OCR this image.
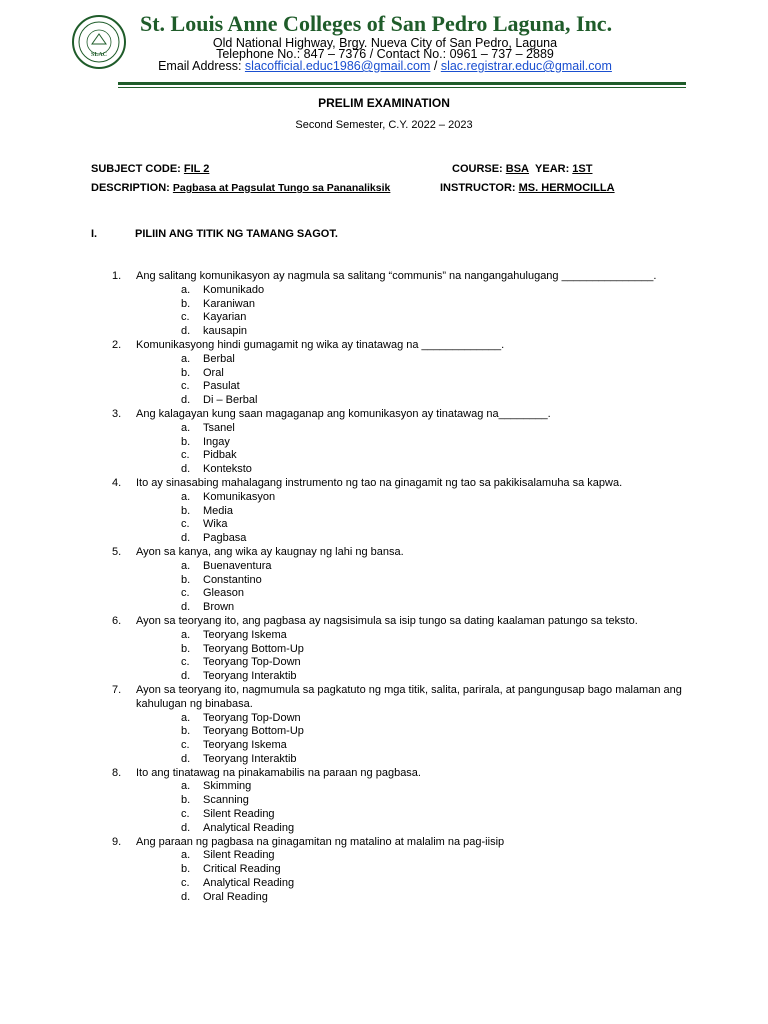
SLAC
St. Louis Anne Colleges of San Pedro Laguna, Inc.
Old National Highway, Brgy. Nueva City of San Pedro, Laguna
Telephone No.: 847 – 7376 / Contact No.: 0961 – 737 – 2889
Email Address: slacofficial.educ1986@gmail.com / slac.registrar.educ@gmail.com
PRELIM EXAMINATION
Second Semester, C.Y. 2022 – 2023
SUBJECT CODE: FIL 2	COURSE: BSA YEAR: 1ST
DESCRIPTION: Pagbasa at Pagsulat Tungo sa Pananaliksik	INSTRUCTOR: MS. HERMOCILLA
I.	PILIIN ANG TITIK NG TAMANG SAGOT.
1.	Ang salitang komunikasyon ay nagmula sa salitang “communis” na nangangahulugang _______________.
a. Komunikado
b. Karaniwan
c. Kayarian
d. kausapin
2.	Komunikasyong hindi gumagamit ng wika ay tinatawag na _____________.
a. Berbal
b. Oral
c. Pasulat
d. Di – Berbal
3.	Ang kalagayan kung saan magaganap ang komunikasyon ay tinatawag na________.
a. Tsanel
b. Ingay
c. Pidbak
d. Konteksto
4.	Ito ay sinasabing mahalagang instrumento ng tao na ginagamit ng tao sa pakikisalamuha sa kapwa.
a. Komunikasyon
b. Media
c. Wika
d. Pagbasa
5.	Ayon sa kanya, ang wika ay kaugnay ng lahi ng bansa.
a. Buenaventura
b. Constantino
c. Gleason
d. Brown
6.	Ayon sa teoryang ito, ang pagbasa ay nagsisimula sa isip tungo sa dating kaalaman patungo sa teksto.
a. Teoryang Iskema
b. Teoryang Bottom-Up
c. Teoryang Top-Down
d. Teoryang Interaktib
7.	Ayon sa teoryang ito, nagmumula sa pagkatuto ng mga titik, salita, parirala, at pangungusap bago malaman ang kahulugan ng binabasa.
a. Teoryang Top-Down
b. Teoryang Bottom-Up
c. Teoryang Iskema
d. Teoryang Interaktib
8.	Ito ang tinatawag na pinakamabilis na paraan ng pagbasa.
a. Skimming
b. Scanning
c. Silent Reading
d. Analytical Reading
9.	Ang paraan ng pagbasa na ginagamitan ng matalino at malalim na pag-iisip
a. Silent Reading
b. Critical Reading
c. Analytical Reading
d. Oral Reading
